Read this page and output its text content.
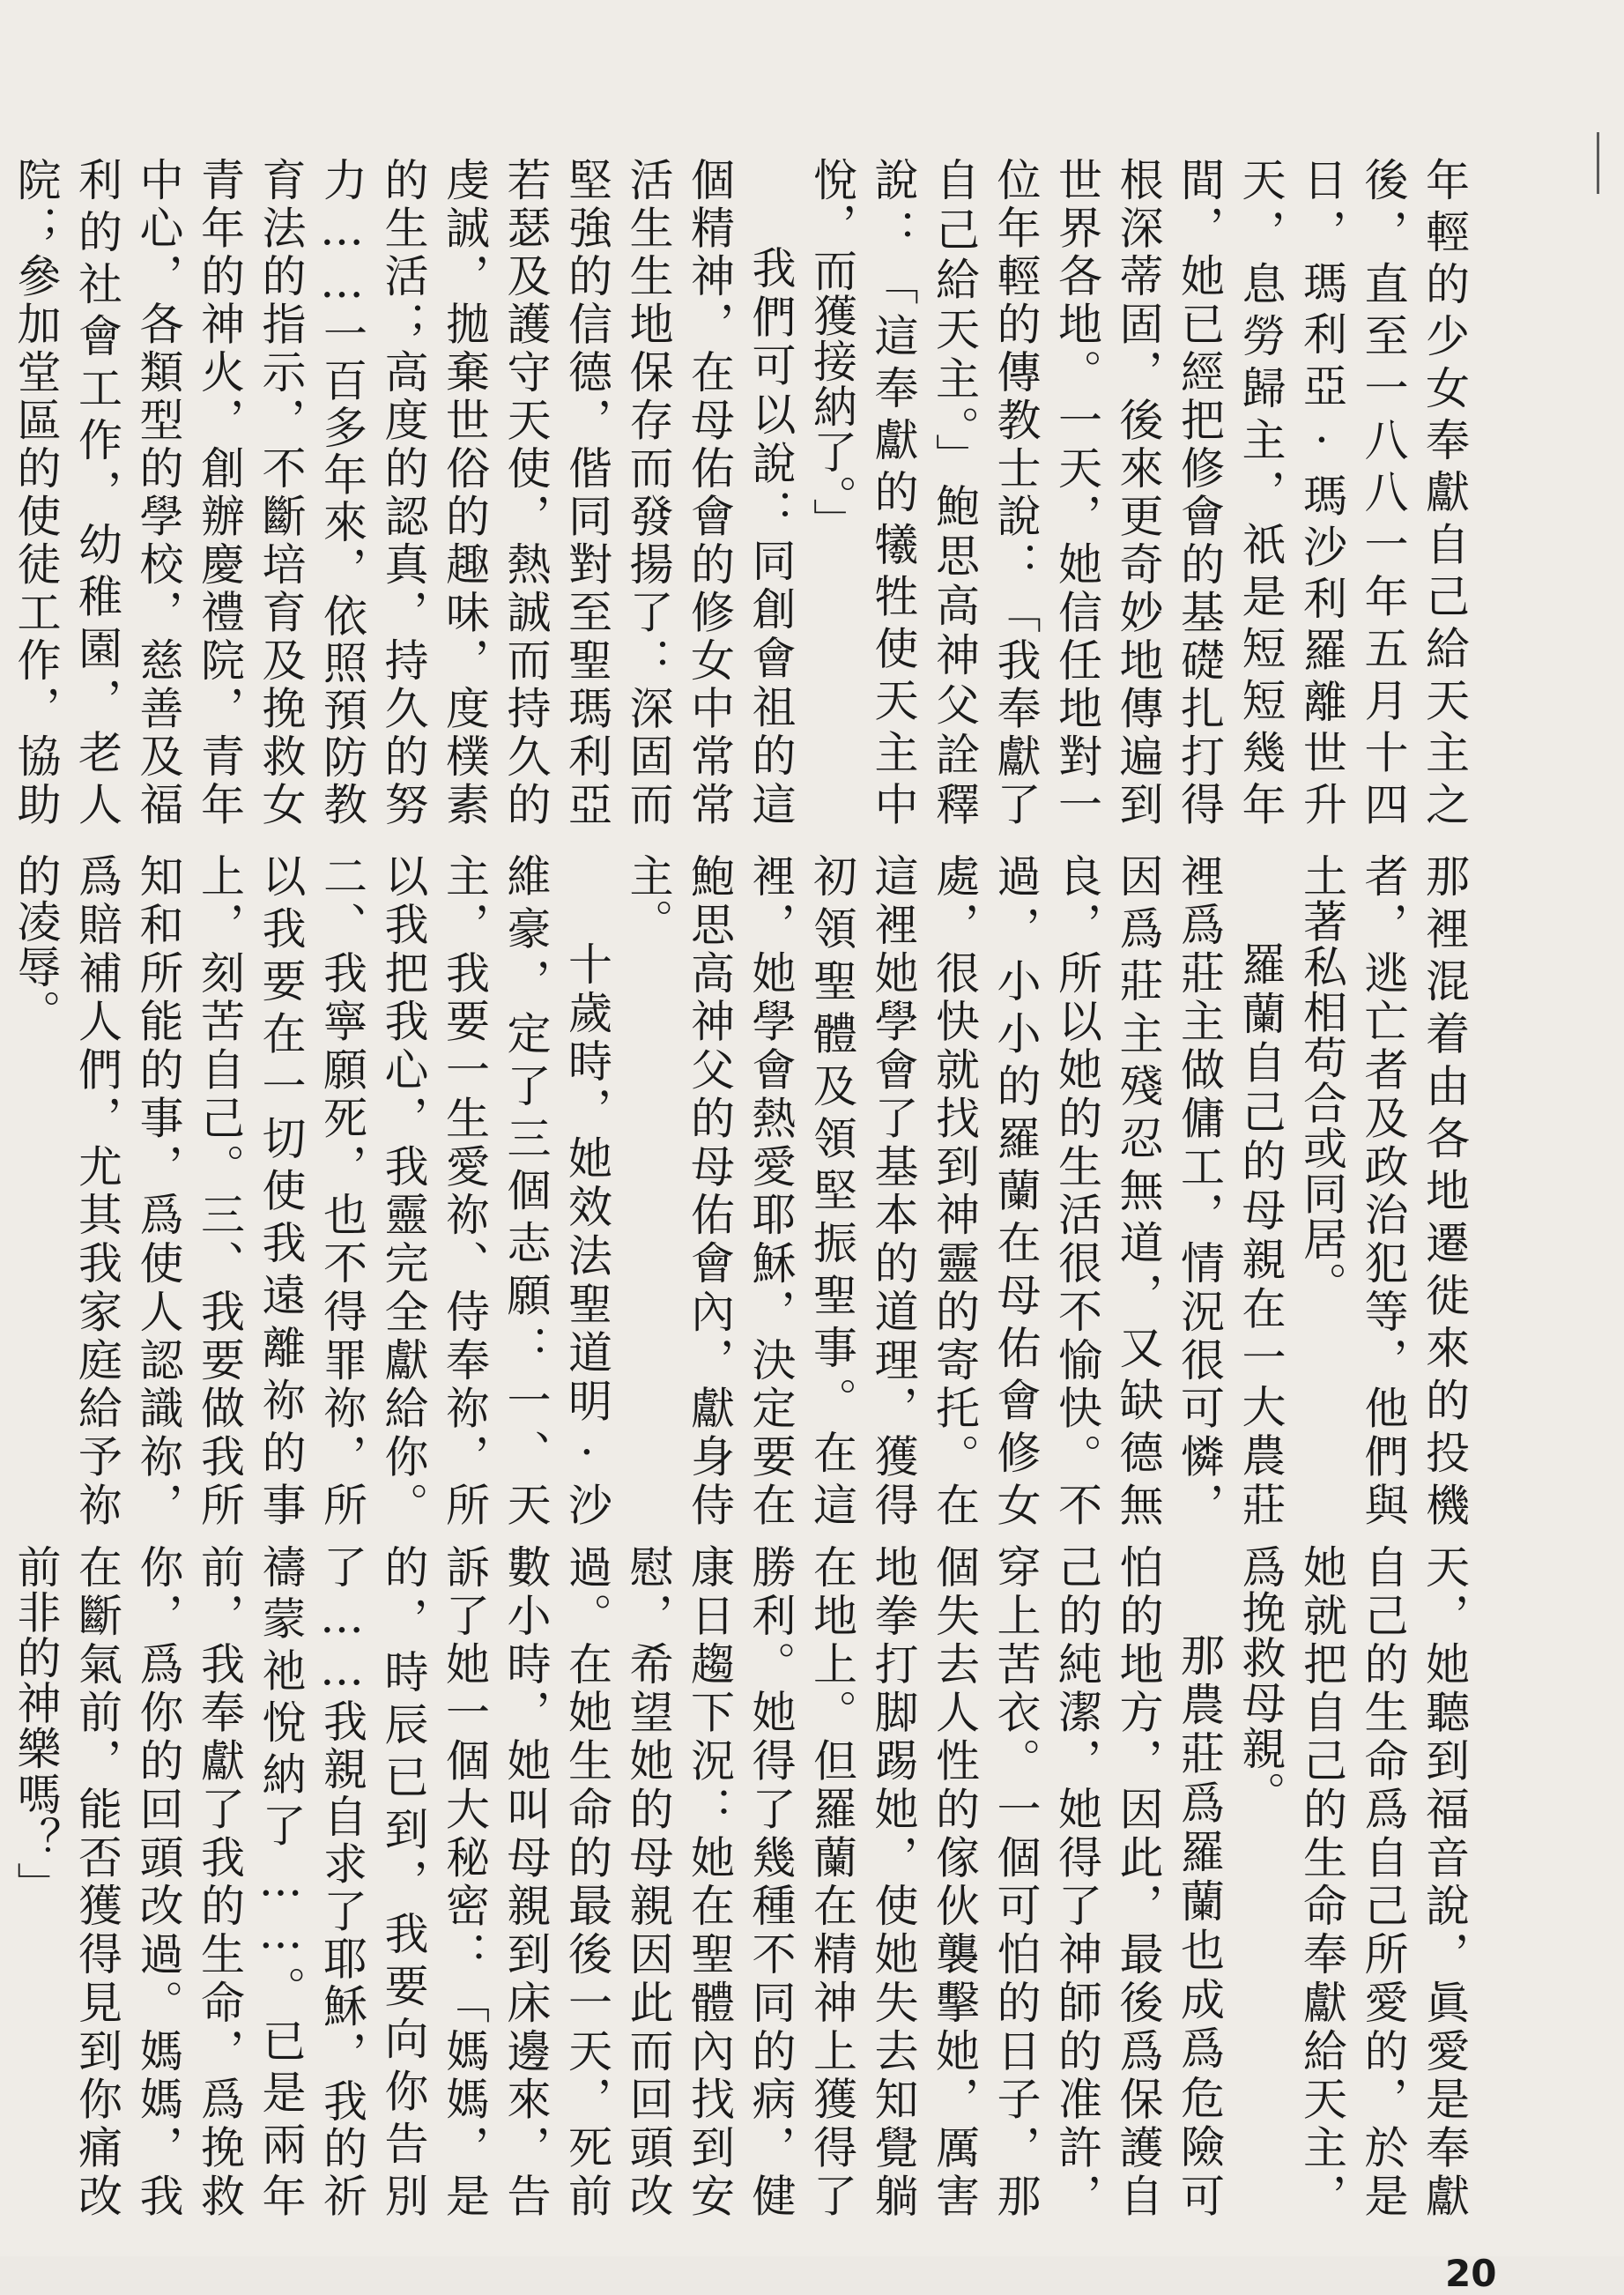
年輕的少女奉獻自己給天主之後，直至一八八一年五月十四日，瑪利亞·瑪沙利羅離世升天，息勞歸主，祇是短短幾年間，她已經把修會的基礎扎打得根深蒂固，後來更奇妙地傳遍到世界各地。一天，她信任地對一位年輕的傳教士說：「我奉獻了自己給天主。」鮑思高神父詮釋說：「這奉獻的犧牲使天主中悅，而獲接納了。」

我們可以說：同創會祖的這個精神，在母佑會的修女中常常活生生地保存而發揚了：深固而堅強的信德，偕同對至聖瑪利亞若瑟及護守天使，熱誠而持久的虔誠，拋棄世俗的趣味，度樸素的生活；高度的認真，持久的努力……一百多年來，依照預防教育法的指示，不斷培育及挽救女青年的神火，創辦慶禮院，青年中心，各類型的學校，慈善及福利的社會工作，幼稚園，老人院；參加堂區的使徒工作，協助

那裡混着由各地遷徙來的投機者，逃亡者及政治犯等，他們與土著私相苟合或同居。

羅蘭自己的母親在一大農莊裡爲莊主做傭工，情況很可憐，因爲莊主殘忍無道，又缺德無良，所以她的生活很不愉快。不過，小小的羅蘭在母佑會修女處，很快就找到神靈的寄托。在這裡她學會了基本的道理，獲得初領聖體及領堅振聖事。在這裡，她學會熱愛耶穌，決定要在鮑思高神父的母佑會內，獻身侍主。

十歲時，她效法聖道明·沙維豪，定了三個志願：一、天主，我要一生愛祢、侍奉祢，所以我把我心，我靈完全獻給你。二、我寧願死，也不得罪祢，所以我要在一切使我遠離祢的事上，刻苦自己。三、我要做我所知和所能的事，爲使人認識祢，爲賠補人們，尤其我家庭給予祢的凌辱。

天，她聽到福音說，眞愛是奉獻自己的生命爲自己所愛的，於是她就把自己的生命奉獻給天主，爲挽救母親。

那農莊爲羅蘭也成爲危險可怕的地方，因此，最後爲保護自己的純潔，她得了神師的准許，穿上苦衣。一個可怕的日子，那個失去人性的傢伙襲擊她，厲害地拳打脚踢她，使她失去知覺躺在地上。但羅蘭在精神上獲得了勝利。她得了幾種不同的病，健康日趨下況：她在聖體內找到安慰，希望她的母親因此而回頭改過。在她生命的最後一天，死前數小時，她叫母親到床邊來，告訴了她一個大秘密：「媽媽，是的，時辰已到，我要向你告別了……我親自求了耶穌，我的祈禱蒙祂悅納了……。已是兩年前，我奉獻了我的生命，爲挽救你，爲你的回頭改過。媽媽，我在斷氣前，能否獲得見到你痛改前非的神樂嗎？」

20
